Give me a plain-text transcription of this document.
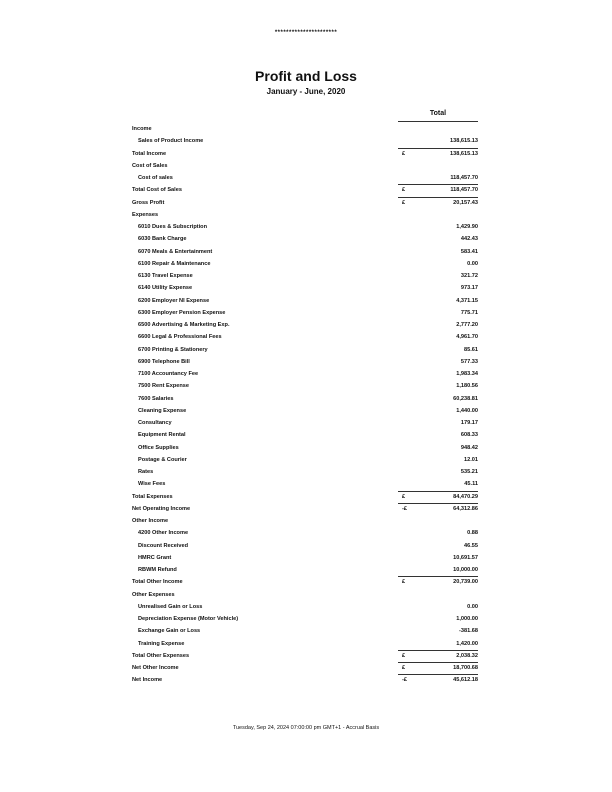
**********************
Profit and Loss
January - June, 2020
Total
Income
Sales of Product Income	138,615.13
Total Income	£	138,615.13
Cost of Sales
Cost of sales	118,457.70
Total Cost of Sales	£	118,457.70
Gross Profit	£	20,157.43
Expenses
6010 Dues & Subscription	1,429.90
6030 Bank Charge	442.43
6070 Meals & Entertainment	583.41
6100 Repair & Maintenance	0.00
6130 Travel Expense	321.72
6140 Utility Expense	973.17
6200 Employer NI Expense	4,371.15
6300 Employer Pension Expense	775.71
6500 Advertising & Marketing Exp.	2,777.20
6600 Legal & Professional Fees	4,961.70
6700 Printing & Stationery	85.61
6900 Telephone Bill	577.33
7100 Accountancy Fee	1,983.34
7500 Rent Expense	1,180.56
7600 Salaries	60,238.81
Cleaning Expense	1,440.00
Consultancy	179.17
Equipment Rental	608.33
Office Supplies	948.42
Postage & Courier	12.01
Rates	535.21
Wise Fees	45.11
Total Expenses	£	84,470.29
Net Operating Income	-£	64,312.86
Other Income
4200 Other Income	0.88
Discount Received	46.55
HMRC Grant	10,691.57
RBWM Refund	10,000.00
Total Other Income	£	20,739.00
Other Expenses
Unrealised Gain or Loss	0.00
Depreciation Expense (Motor Vehicle)	1,000.00
Exchange Gain or Loss	-381.68
Training Expense	1,420.00
Total Other Expenses	£	2,038.32
Net Other Income	£	18,700.68
Net Income	-£	45,612.18
Tuesday, Sep 24, 2024 07:00:00 pm GMT+1 - Accrual Basis
